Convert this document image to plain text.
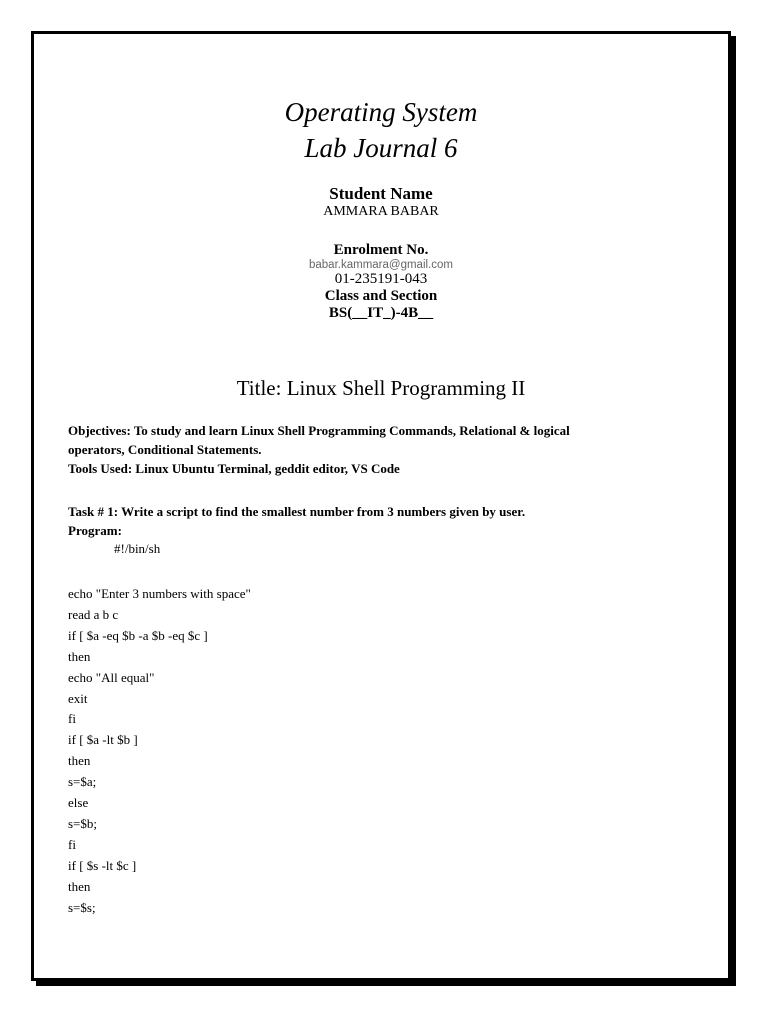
Operating System
Lab Journal 6
Student Name
AMMARA BABAR
Enrolment No.
babar.kammara@gmail.com
01-235191-043
Class and Section
BS(__IT_)-4B__
Title: Linux Shell Programming II
Objectives: To study and learn Linux Shell Programming Commands, Relational & logical
operators, Conditional Statements.
Tools Used: Linux Ubuntu Terminal, geddit editor, VS Code
Task # 1: Write a script to find the smallest number from 3 numbers given by user.
Program:
#!/bin/sh
echo "Enter 3 numbers with space"
read a b c
if [ $a -eq $b -a $b -eq $c ]
then
echo "All equal"
exit
fi
if [ $a -lt $b ]
then
s=$a;
else
s=$b;
fi
if [ $s -lt $c ]
then
s=$s;
